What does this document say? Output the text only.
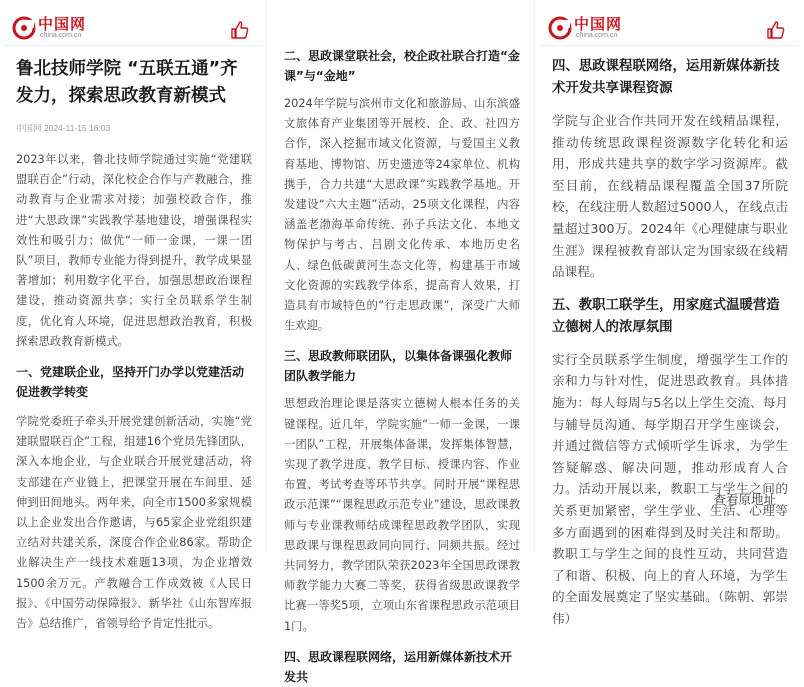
中国网
china.com.cn
鲁北技师学院 “五联五通”齐发力，探索思政教育新模式
中国网 2024-11-15 16:03
2023年以来，鲁北技师学院通过实施“党建联盟联百企”行动，深化校企合作与产教融合，推动教育与企业需求对接；加强校政合作，推进“大思政课”实践教学基地建设，增强课程实效性和吸引力；做优“一师一金课，一课一团队”项目，教师专业能力得到提升，教学成果显著增加；利用数字化平台，加强思想政治课程建设，推动资源共享；实行全员联系学生制度，优化育人环境，促进思想政治教育，积极探索思政教育新模式。
一、党建联企业，坚持开门办学以党建活动促进教学转变
学院党委班子牵头开展党建创新活动，实施“党建联盟联百企”工程，组建16个党员先锋团队，深入本地企业，与企业联合开展党建活动，将支部建在产业链上，把课堂开展在车间里、延伸到田间地头。两年来，向全市1500多家规模以上企业发出合作邀请，与65家企业党组织建立结对共建关系，深度合作企业86家。帮助企业解决生产一线技术难题13项，为企业增效1500余万元。产教融合工作成效被《人民日报》、《中国劳动保障报》、新华社《山东智库报告》总结推广，省领导给予肯定性批示。
二、思政课堂联社会，校企政社联合打造“金课”与“金地”
2024年学院与滨州市文化和旅游局、山东滨盛文旅体育产业集团等开展校、企、政、社四方合作，深入挖掘市域文化资源，与爱国主义教育基地、博物馆、历史遗迹等24家单位、机构携手，合力共建“大思政课”实践教学基地。开发建设“六大主题”活动，25项文化课程，内容涵盖老渤海革命传统、孙子兵法文化、本地文物保护与考古、吕剧文化传承、本地历史名人、绿色低碳黄河生态文化等，构建基于市域文化资源的实践教学体系，提高育人效果，打造具有市域特色的“行走思政课”，深受广大师生欢迎。
三、思政教师联团队，以集体备课强化教师团队教学能力
思想政治理论课是落实立德树人根本任务的关键课程。近几年，学院实施“一师一金课，一课一团队”工程，开展集体备课，发挥集体智慧，实现了教学进度、教学目标、授课内容、作业布置、考试考查等环节共享。同时开展“课程思政示范课”“课程思政示范专业”建设，思政课教师与专业课教师结成课程思政教学团队，实现思政课与课程思政同向同行、同频共振。经过共同努力，教学团队荣获2023年全国思政课教师教学能力大赛二等奖，获得省级思政课教学比赛一等奖5项，立项山东省课程思政示范项目1门。
四、思政课程联网络，运用新媒体新技术开发共
中国网
china.com.cn
四、思政课程联网络，运用新媒体新技术开发共享课程资源
学院与企业合作共同开发在线精品课程，推动传统思政课程资源数字化转化和运用，形成共建共享的数字学习资源库。截至目前，在线精品课程覆盖全国37所院校，在线注册人数超过5000人，在线点击量超过300万。2024年《心理健康与职业生涯》课程被教育部认定为国家级在线精品课程。
五、教职工联学生，用家庭式温暖营造立德树人的浓厚氛围
实行全员联系学生制度，增强学生工作的亲和力与针对性，促进思政教育。具体措施为：每人每周与5名以上学生交流、每月与辅导员沟通、每学期召开学生座谈会，并通过微信等方式倾听学生诉求，为学生答疑解惑、解决问题，推动形成育人合力。活动开展以来，教职工与学生之间的关系更加紧密，学生学业、生活、心理等多方面遇到的困难得到及时关注和帮助。教职工与学生之间的良性互动，共同营造了和谐、积极、向上的育人环境，为学生的全面发展奠定了坚实基础。（陈朝、郭崇伟）
查看原地址
